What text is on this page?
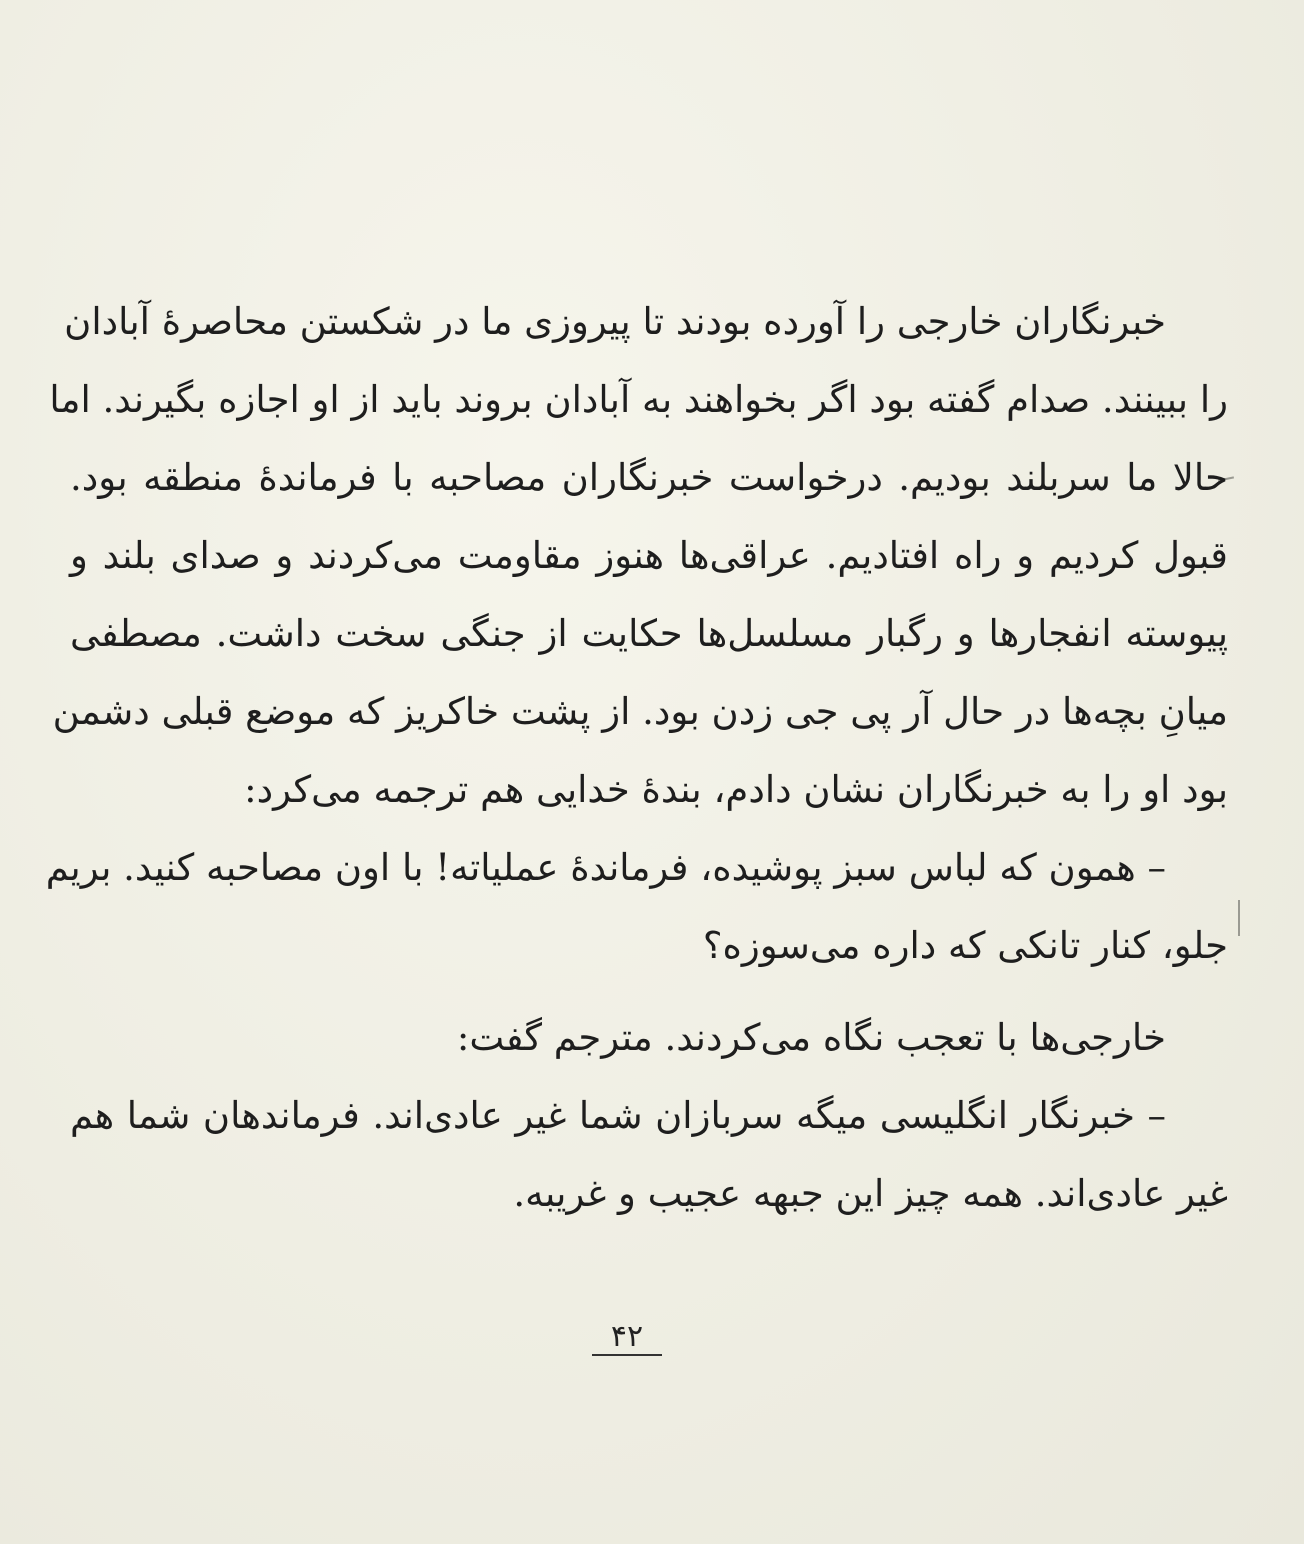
خبرنگاران خارجی را آورده بودند تا پیروزی ما در شکستن محاصرهٔ آبادان
را ببینند. صدام گفته بود اگر بخواهند به آبادان بروند باید از او اجازه بگیرند. اما
حالا ما سربلند بودیم. درخواست خبرنگاران مصاحبه با فرماندهٔ منطقه بود.
قبول کردیم و راه افتادیم. عراقی‌ها هنوز مقاومت می‌کردند و صدای بلند و
پیوسته انفجارها و رگبار مسلسل‌ها حکایت از جنگی سخت داشت. مصطفی
میانِ بچه‌ها در حال آر پی جی زدن بود. از پشت خاکریز که موضع قبلی دشمن
بود او را به خبرنگاران نشان دادم، بندهٔ خدایی هم ترجمه می‌کرد:
– همون که لباس سبز پوشیده، فرماندهٔ عملیاته! با اون مصاحبه کنید. بریم
جلو، کنار تانکی که داره می‌سوزه؟
خارجی‌ها با تعجب نگاه می‌کردند. مترجم گفت:
– خبرنگار انگلیسی میگه سربازان شما غیر عادی‌اند. فرماندهان شما هم
غیر عادی‌اند. همه چیز این جبهه عجیب و غریبه.
۴۲
